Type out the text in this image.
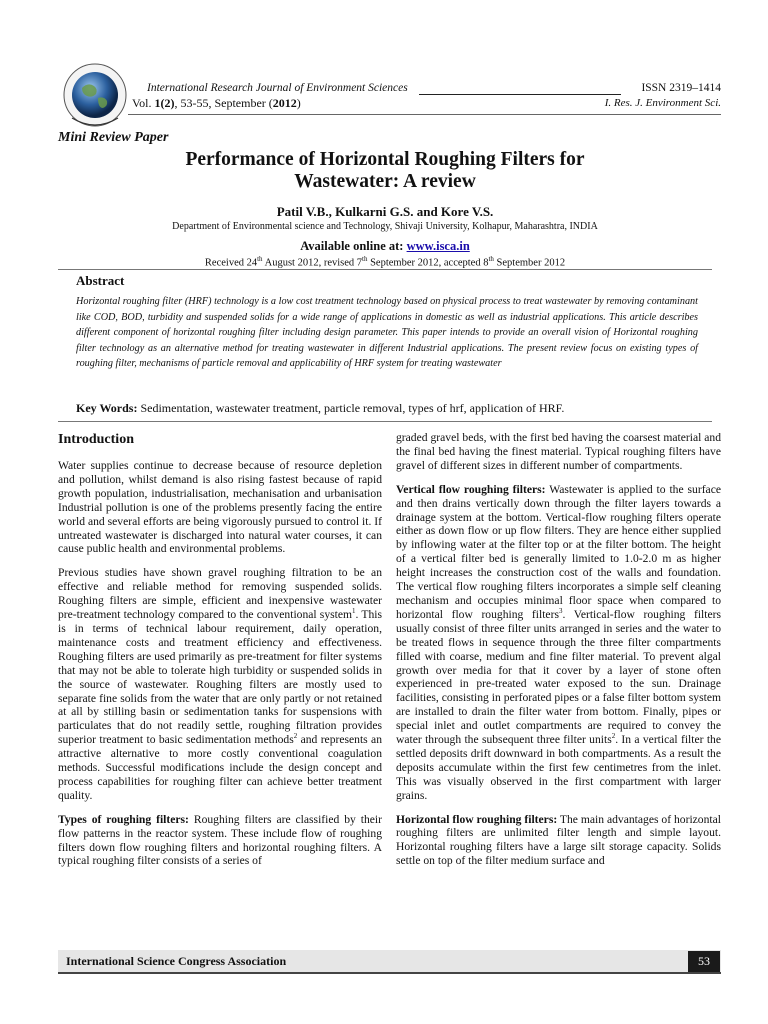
International Research Journal of Environment Sciences	ISSN 2319–1414
Vol. 1(2), 53-55, September (2012)	I. Res. J. Environment Sci.
Mini Review Paper
Performance of Horizontal Roughing Filters for
Wastewater: A review
Patil V.B., Kulkarni G.S. and Kore V.S.
Department of Environmental science and Technology, Shivaji University, Kolhapur, Maharashtra, INDIA
Available online at: www.isca.in
Received 24th August 2012, revised 7th September 2012, accepted 8th September 2012
Abstract
Horizontal roughing filter (HRF) technology is a low cost treatment technology based on physical process to treat wastewater by removing contaminant like COD, BOD, turbidity and suspended solids for a wide range of applications in domestic as well as industrial applications. This article describes different component of horizontal roughing filter including design parameter. This paper intends to provide an overall vision of Horizontal roughing filter technology as an alternative method for treating wastewater in different Industrial applications. The present review focus on existing types of roughing filter, mechanisms of particle removal and applicability of HRF system for treating wastewater
Key Words: Sedimentation, wastewater treatment, particle removal, types of hrf, application of HRF.
Introduction

Water supplies continue to decrease because of resource depletion and pollution, whilst demand is also rising fastest because of rapid growth population, industrialisation, mechanisation and urbanisation Industrial pollution is one of the problems presently facing the entire world and several efforts are being vigorously pursued to control it. If untreated wastewater is discharged into natural water courses, it can cause public health and environmental problems.

Previous studies have shown gravel roughing filtration to be an effective and reliable method for removing suspended solids. Roughing filters are simple, efficient and inexpensive wastewater pre-treatment technology compared to the conventional system$^1$. This is in terms of technical labour requirement, daily operation, maintenance costs and treatment efficiency and effectiveness. Roughing filters are used primarily as pre-treatment for filter systems that may not be able to tolerate high turbidity or suspended solids in the source of wastewater. Roughing filters are mostly used to separate fine solids from the water that are only partly or not retained at all by stilling basin or sedimentation tanks for suspensions with particulates that do not readily settle, roughing filtration provides superior treatment to basic sedimentation methods$^2$ and represents an attractive alternative to more costly conventional coagulation methods. Successful modifications include the design concept and process capabilities for roughing filter can achieve better treatment quality.

Types of roughing filters: Roughing filters are classified by their flow patterns in the reactor system. These include flow of roughing filters down flow roughing filters and horizontal roughing filters. A typical roughing filter consists of a series of

graded gravel beds, with the first bed having the coarsest material and the final bed having the finest material. Typical roughing filters have gravel of different sizes in different number of compartments.

Vertical flow roughing filters: Wastewater is applied to the surface and then drains vertically down through the filter layers towards a drainage system at the bottom. Vertical-flow roughing filters operate either as down flow or up flow filters. They are hence either supplied by inflowing water at the filter top or at the filter bottom. The height of a vertical filter bed is generally limited to 1.0-2.0 m as higher height increases the construction cost of the walls and foundation. The vertical flow roughing filters incorporates a simple self cleaning mechanism and occupies minimal floor space when compared to horizontal flow roughing filters$^3$. Vertical-flow roughing filters usually consist of three filter units arranged in series and the water to be treated flows in sequence through the three filter compartments filled with coarse, medium and fine filter material. To prevent algal growth over media for that it cover by a layer of stone often experienced in pre-treated water exposed to the sun. Drainage facilities, consisting in perforated pipes or a false filter bottom system are installed to drain the filter water from bottom. Finally, pipes or special inlet and outlet compartments are required to convey the water through the subsequent three filter units$^2$. In a vertical filter the settled deposits drift downward in both compartments. As a result the deposits accumulate within the first few centimetres from the inlet. This was visually observed in the first compartment with larger grains.

Horizontal flow roughing filters: The main advantages of horizontal roughing filters are unlimited filter length and simple layout. Horizontal roughing filters have a large silt storage capacity. Solids settle on top of the filter medium surface and

International Science Congress Association	53
